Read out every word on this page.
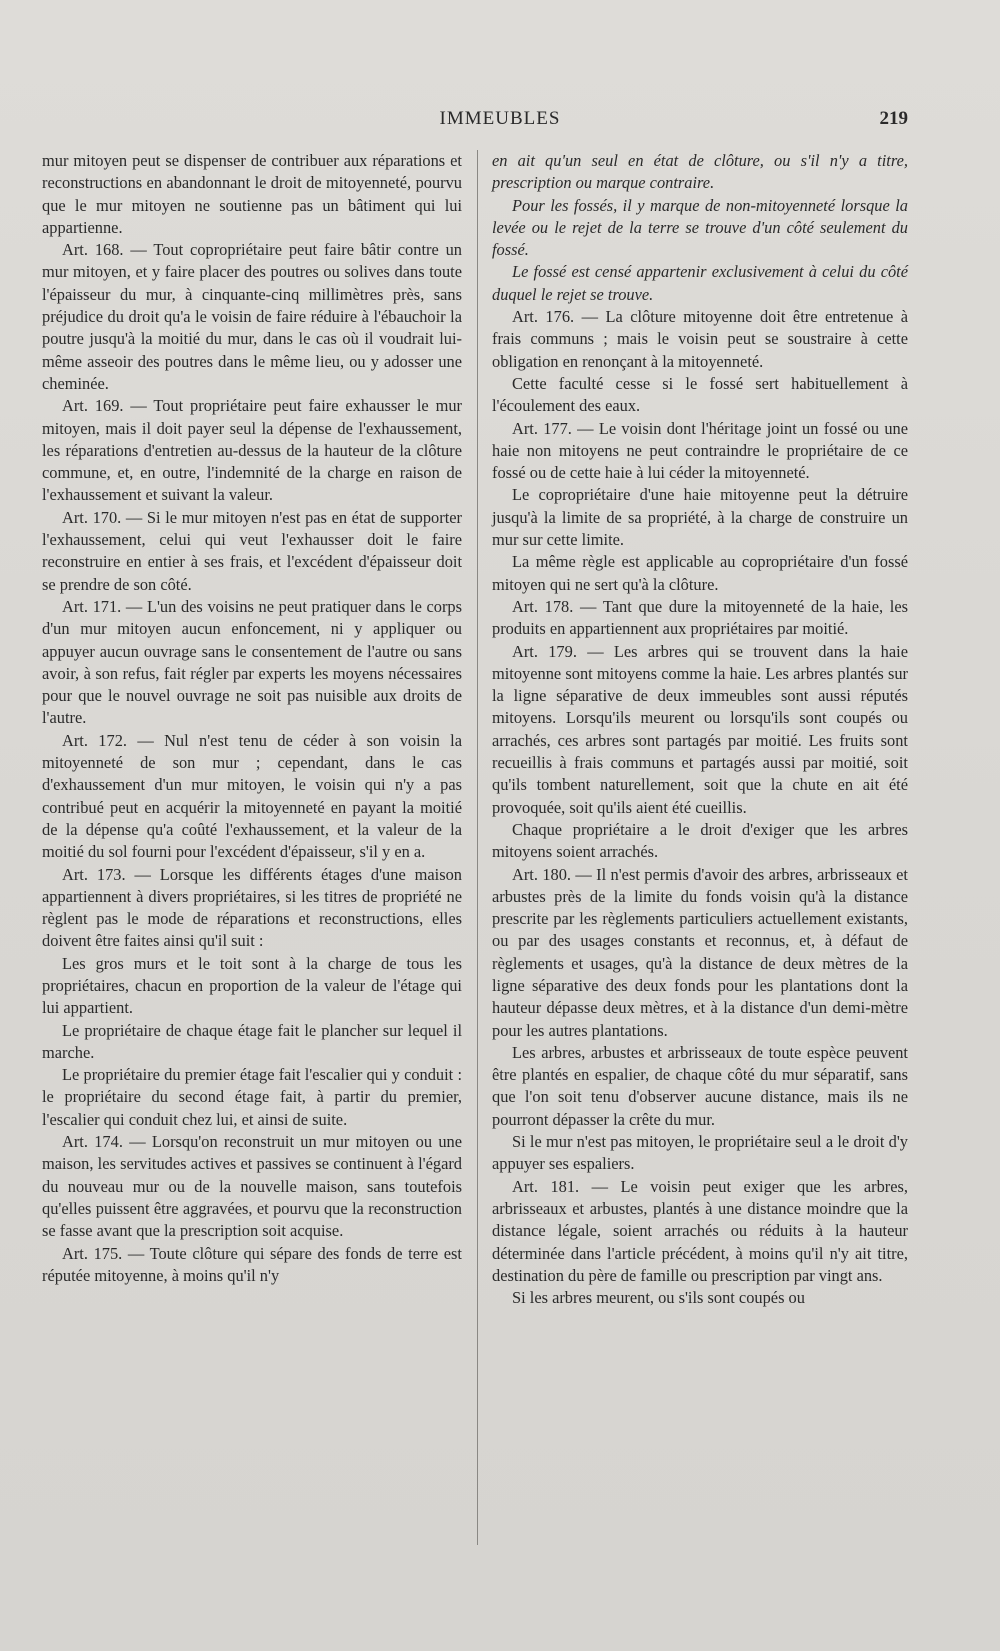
IMMEUBLES	219

mur mitoyen peut se dispenser de contribuer aux réparations et reconstructions en abandonnant le droit de mitoyenneté, pourvu que le mur mitoyen ne soutienne pas un bâtiment qui lui appartienne.

Art. 168. — Tout copropriétaire peut faire bâtir contre un mur mitoyen, et y faire placer des poutres ou solives dans toute l'épaisseur du mur, à cinquante-cinq millimètres près, sans préjudice du droit qu'a le voisin de faire réduire à l'ébauchoir la poutre jusqu'à la moitié du mur, dans le cas où il voudrait lui-même asseoir des poutres dans le même lieu, ou y adosser une cheminée.

Art. 169. — Tout propriétaire peut faire exhausser le mur mitoyen, mais il doit payer seul la dépense de l'exhaussement, les réparations d'entretien au-dessus de la hauteur de la clôture commune, et, en outre, l'indemnité de la charge en raison de l'exhaussement et suivant la valeur.

Art. 170. — Si le mur mitoyen n'est pas en état de supporter l'exhaussement, celui qui veut l'exhausser doit le faire reconstruire en entier à ses frais, et l'excédent d'épaisseur doit se prendre de son côté.

Art. 171. — L'un des voisins ne peut pratiquer dans le corps d'un mur mitoyen aucun enfoncement, ni y appliquer ou appuyer aucun ouvrage sans le consentement de l'autre ou sans avoir, à son refus, fait régler par experts les moyens nécessaires pour que le nouvel ouvrage ne soit pas nuisible aux droits de l'autre.

Art. 172. — Nul n'est tenu de céder à son voisin la mitoyenneté de son mur ; cependant, dans le cas d'exhaussement d'un mur mitoyen, le voisin qui n'y a pas contribué peut en acquérir la mitoyenneté en payant la moitié de la dépense qu'a coûté l'exhaussement, et la valeur de la moitié du sol fourni pour l'excédent d'épaisseur, s'il y en a.

Art. 173. — Lorsque les différents étages d'une maison appartiennent à divers propriétaires, si les titres de propriété ne règlent pas le mode de réparations et reconstructions, elles doivent être faites ainsi qu'il suit :

Les gros murs et le toit sont à la charge de tous les propriétaires, chacun en proportion de la valeur de l'étage qui lui appartient.

Le propriétaire de chaque étage fait le plancher sur lequel il marche.

Le propriétaire du premier étage fait l'escalier qui y conduit : le propriétaire du second étage fait, à partir du premier, l'escalier qui conduit chez lui, et ainsi de suite.

Art. 174. — Lorsqu'on reconstruit un mur mitoyen ou une maison, les servitudes actives et passives se continuent à l'égard du nouveau mur ou de la nouvelle maison, sans toutefois qu'elles puissent être aggravées, et pourvu que la reconstruction se fasse avant que la prescription soit acquise.

Art. 175. — Toute clôture qui sépare des fonds de terre est réputée mitoyenne, à moins qu'il n'y

en ait qu'un seul en état de clôture, ou s'il n'y a titre, prescription ou marque contraire.

Pour les fossés, il y marque de non-mitoyenneté lorsque la levée ou le rejet de la terre se trouve d'un côté seulement du fossé.

Le fossé est censé appartenir exclusivement à celui du côté duquel le rejet se trouve.

Art. 176. — La clôture mitoyenne doit être entretenue à frais communs ; mais le voisin peut se soustraire à cette obligation en renonçant à la mitoyenneté.

Cette faculté cesse si le fossé sert habituellement à l'écoulement des eaux.

Art. 177. — Le voisin dont l'héritage joint un fossé ou une haie non mitoyens ne peut contraindre le propriétaire de ce fossé ou de cette haie à lui céder la mitoyenneté.

Le copropriétaire d'une haie mitoyenne peut la détruire jusqu'à la limite de sa propriété, à la charge de construire un mur sur cette limite.

La même règle est applicable au copropriétaire d'un fossé mitoyen qui ne sert qu'à la clôture.

Art. 178. — Tant que dure la mitoyenneté de la haie, les produits en appartiennent aux propriétaires par moitié.

Art. 179. — Les arbres qui se trouvent dans la haie mitoyenne sont mitoyens comme la haie. Les arbres plantés sur la ligne séparative de deux immeubles sont aussi réputés mitoyens. Lorsqu'ils meurent ou lorsqu'ils sont coupés ou arrachés, ces arbres sont partagés par moitié. Les fruits sont recueillis à frais communs et partagés aussi par moitié, soit qu'ils tombent naturellement, soit que la chute en ait été provoquée, soit qu'ils aient été cueillis.

Chaque propriétaire a le droit d'exiger que les arbres mitoyens soient arrachés.

Art. 180. — Il n'est permis d'avoir des arbres, arbrisseaux et arbustes près de la limite du fonds voisin qu'à la distance prescrite par les règlements particuliers actuellement existants, ou par des usages constants et reconnus, et, à défaut de règlements et usages, qu'à la distance de deux mètres de la ligne séparative des deux fonds pour les plantations dont la hauteur dépasse deux mètres, et à la distance d'un demi-mètre pour les autres plantations.

Les arbres, arbustes et arbrisseaux de toute espèce peuvent être plantés en espalier, de chaque côté du mur séparatif, sans que l'on soit tenu d'observer aucune distance, mais ils ne pourront dépasser la crête du mur.

Si le mur n'est pas mitoyen, le propriétaire seul a le droit d'y appuyer ses espaliers.

Art. 181. — Le voisin peut exiger que les arbres, arbrisseaux et arbustes, plantés à une distance moindre que la distance légale, soient arrachés ou réduits à la hauteur déterminée dans l'article précédent, à moins qu'il n'y ait titre, destination du père de famille ou prescription par vingt ans.

Si les arbres meurent, ou s'ils sont coupés ou
